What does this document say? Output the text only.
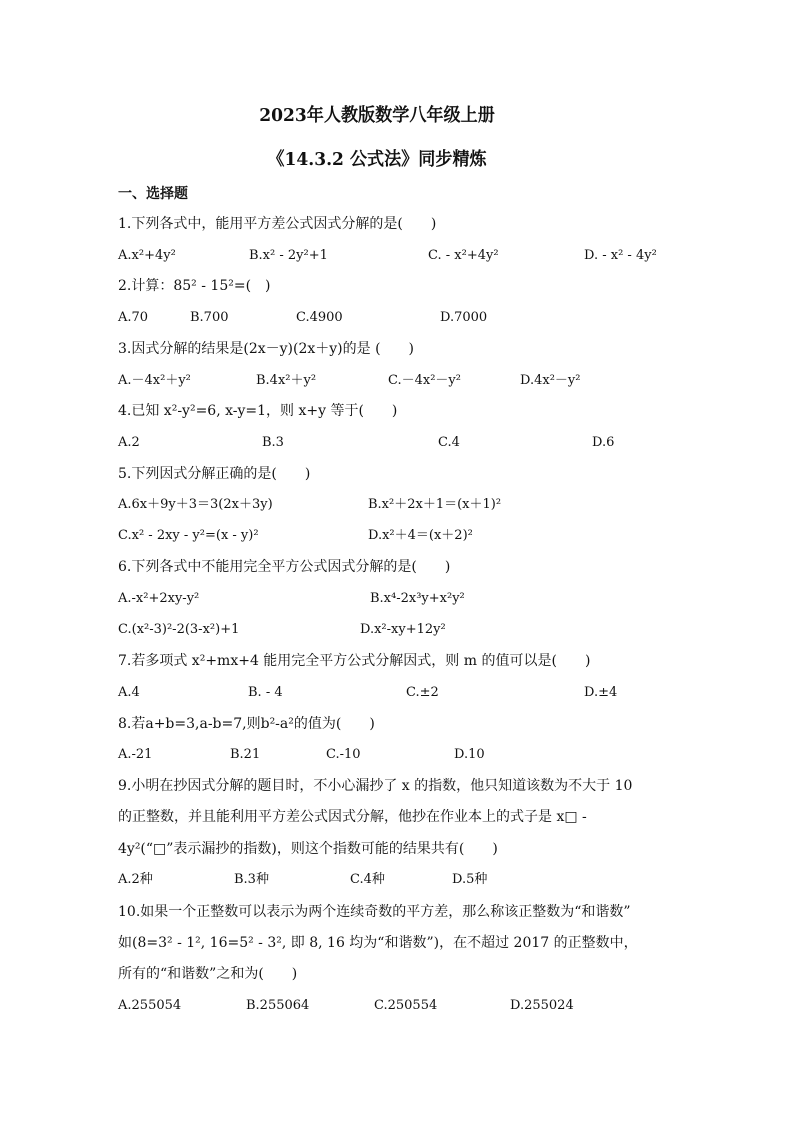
2023年人教版数学八年级上册
《14.3.2 公式法》同步精炼
一、选择题
1.下列各式中，能用平方差公式因式分解的是(　　)
A.x²+4y²	B.x² - 2y²+1	C. - x²+4y²	D. - x² - 4y²
2.计算：85² - 15²=(　)
A.70	B.700	C.4900	D.7000
3.因式分解的结果是(2x－y)(2x＋y)的是 (　　)
A.－4x²＋y²	B.4x²＋y²	C.－4x²－y²	D.4x²－y²
4.已知 x²-y²=6, x-y=1，则 x+y 等于(　　)
A.2	B.3	C.4	D.6
5.下列因式分解正确的是(　　)
A.6x＋9y＋3＝3(2x＋3y)	B.x²＋2x＋1＝(x＋1)²
C.x² - 2xy - y²=(x - y)²	D.x²＋4＝(x＋2)²
6.下列各式中不能用完全平方公式因式分解的是(　　)
A.-x²+2xy-y²	B.x⁴-2x³y+x²y²
C.(x²-3)²-2(3-x²)+1	D.x²-xy+12y²
7.若多项式 x²+mx+4 能用完全平方公式分解因式，则 m 的值可以是(　　)
A.4	B. - 4	C.±2	D.±4
8.若a+b=3,a-b=7,则b²-a²的值为(　　)
A.-21	B.21	C.-10	D.10
9.小明在抄因式分解的题目时，不小心漏抄了 x 的指数，他只知道该数为不大于 10
的正整数，并且能利用平方差公式因式分解，他抄在作业本上的式子是 x□ -
4y²(“□”表示漏抄的指数)，则这个指数可能的结果共有(　　)
A.2种	B.3种	C.4种	D.5种
10.如果一个正整数可以表示为两个连续奇数的平方差，那么称该正整数为“和谐数”
如(8=3² - 1², 16=5² - 3², 即 8, 16 均为“和谐数”)，在不超过 2017 的正整数中，
所有的“和谐数”之和为(　　)
A.255054	B.255064	C.250554	D.255024
